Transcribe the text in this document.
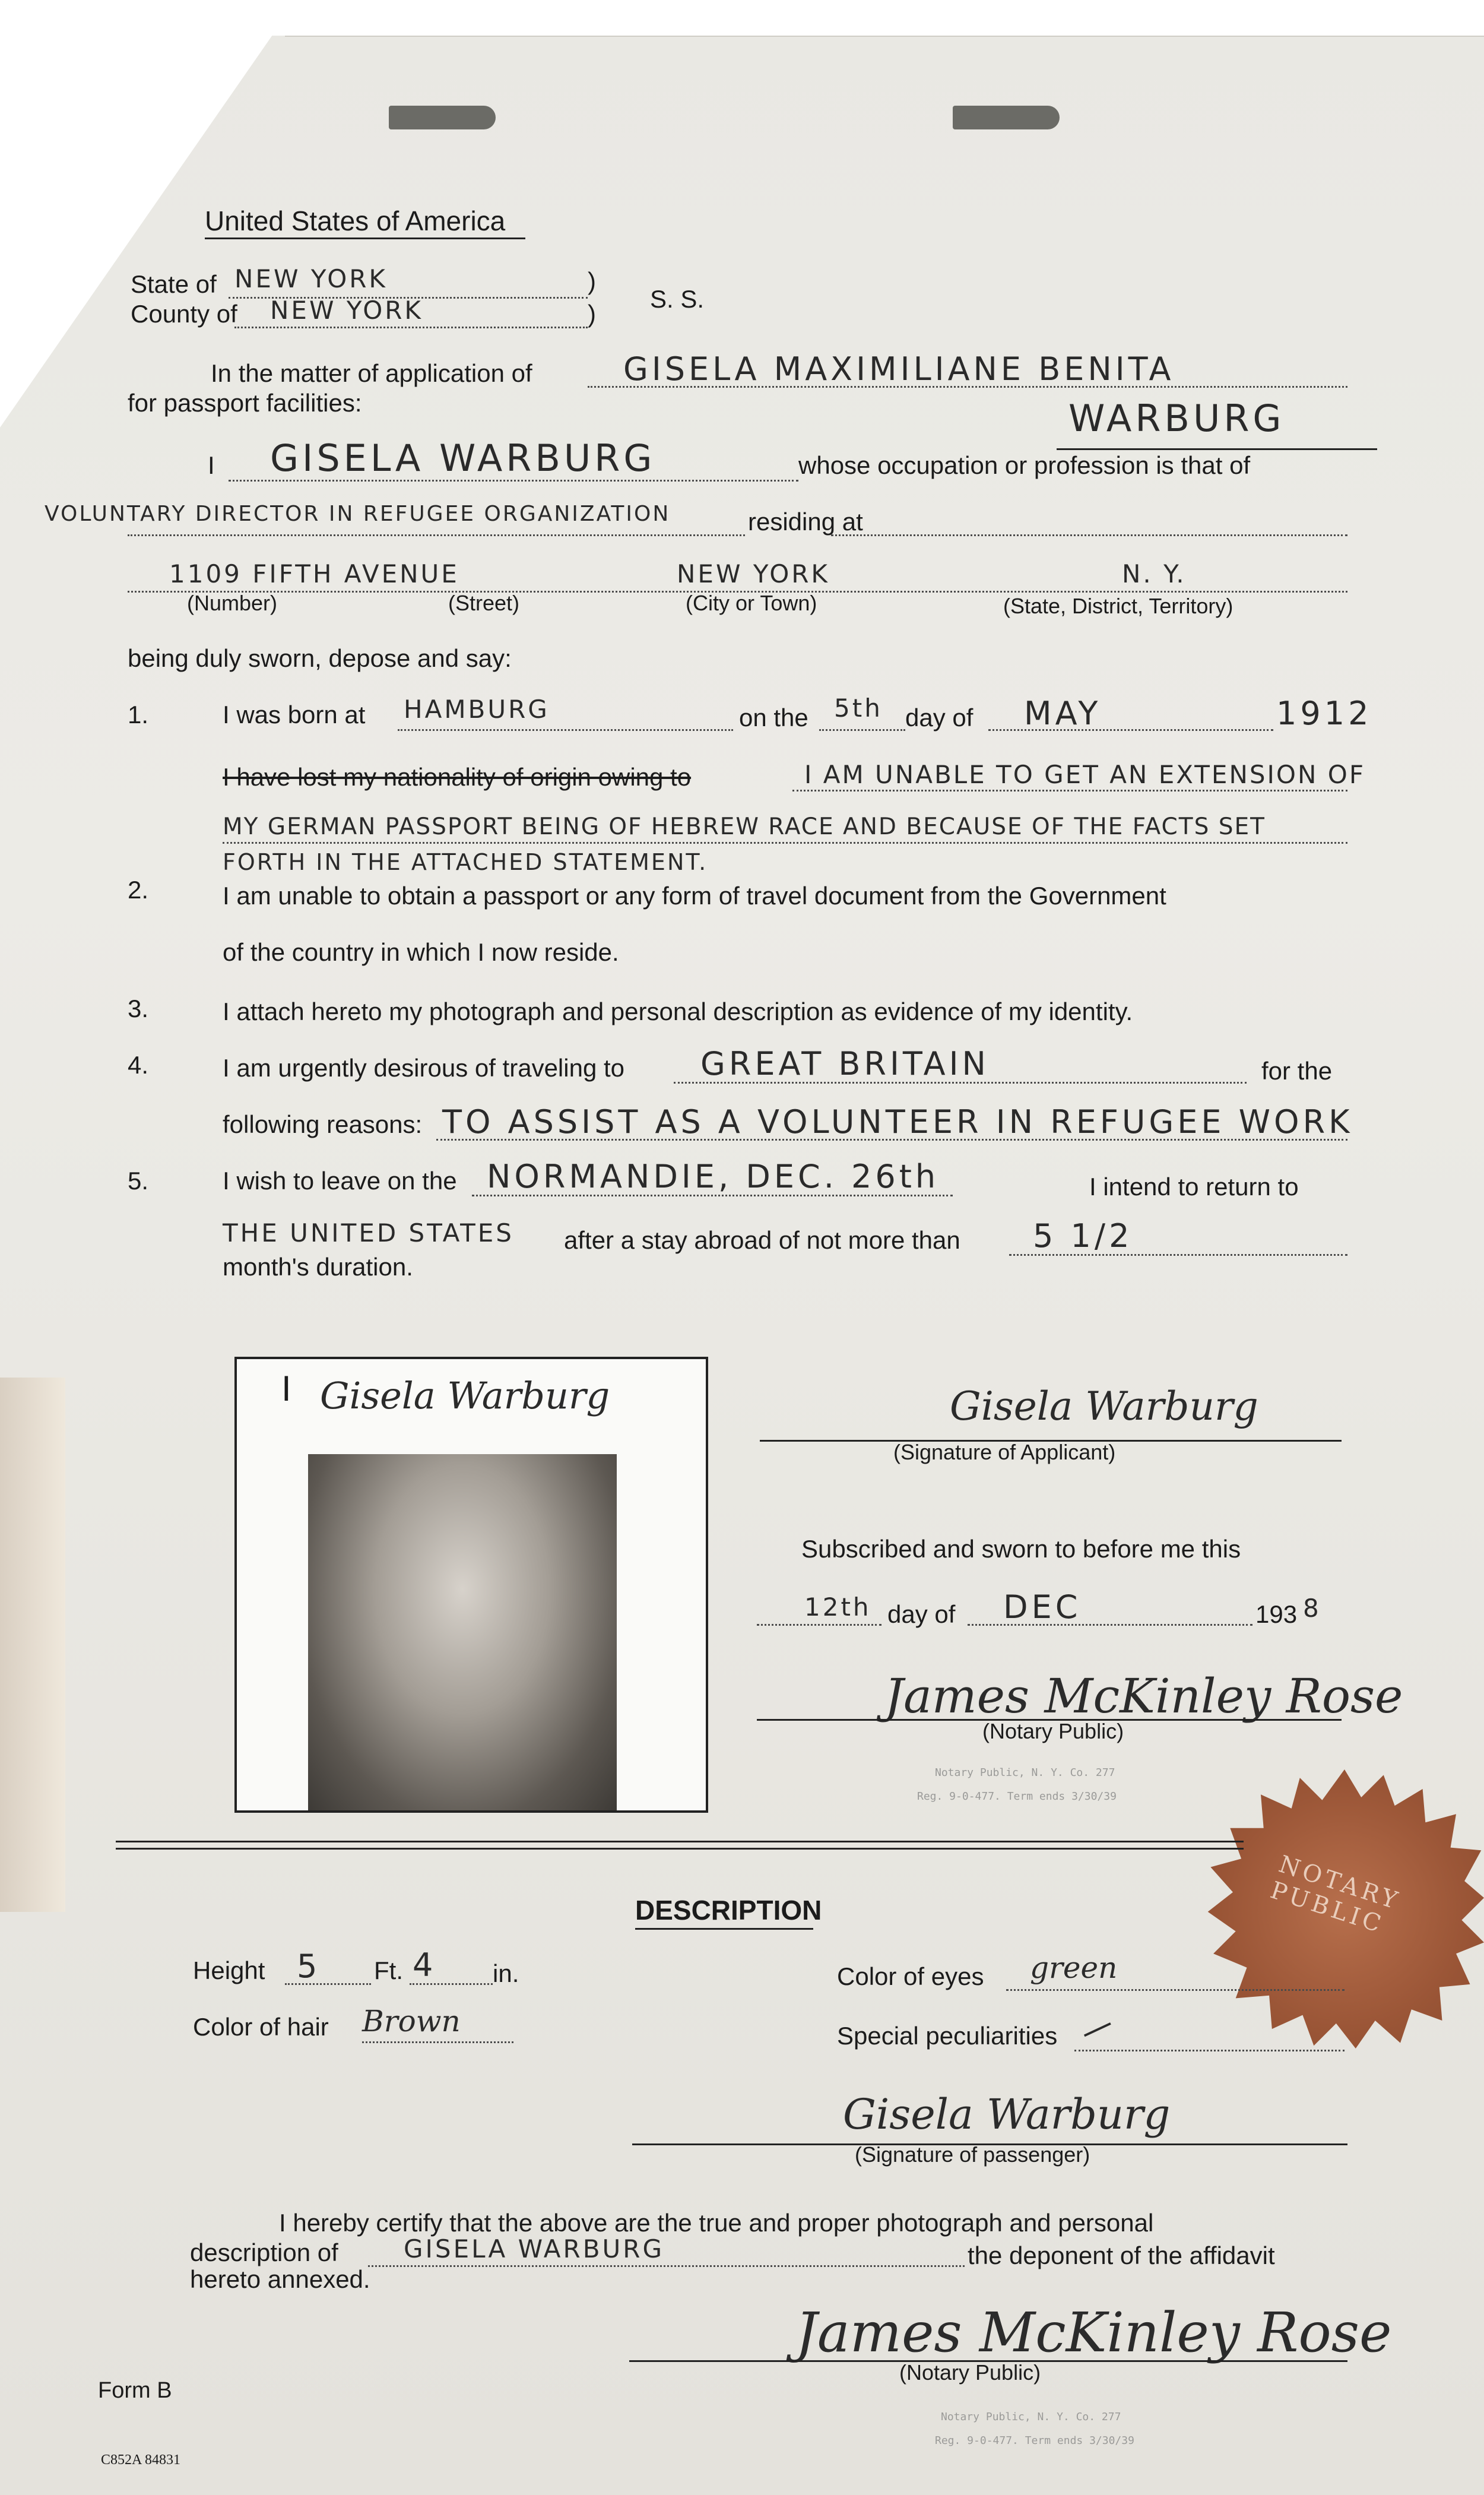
United States of America
State of NEW YORK	)
County of NEW YORK	)
S. S.
In the matter of application of	GISELA MAXIMILIANE BENITA
for passport facilities:	WARBURG
I GISELA WARBURG	whose occupation or profession is that of
VOLUNTARY DIRECTOR IN REFUGEE ORGANIZATION	residing at
1109 FIFTH AVENUE	NEW YORK	N. Y.
(Number)	(Street)	(City or Town)	(State, District, Territory)
being duly sworn, depose and say:
1.	I was born at HAMBURG	on the 5th day of MAY	1912
I have lost my nationality of origin owing to	I AM UNABLE TO GET AN EXTENSION OF
MY GERMAN PASSPORT BEING OF HEBREW RACE AND BECAUSE OF THE FACTS SET
FORTH IN THE ATTACHED STATEMENT.
2.	I am unable to obtain a passport or any form of travel document from the Government
of the country in which I now reside.
3.	I attach hereto my photograph and personal description as evidence of my identity.
4.	I am urgently desirous of traveling to GREAT BRITAIN	for the
following reasons: TO ASSIST AS A VOLUNTEER IN REFUGEE WORK
5.	I wish to leave on the NORMANDIE, DEC. 26th	I intend to return to
THE UNITED STATES after a stay abroad of not more than 5 1/2
month's duration.
Gisela Warburg
I	Gisela Warburg
(Signature of Applicant)
Subscribed and sworn to before me this
12th day of DEC	193 8
James McKinley Rose
(Notary Public)
Notary Public, N. Y. Co. 277
Reg. 9-0-477. Term ends 3/30/39
NOTARY PUBLIC
DESCRIPTION
Height 5 Ft. 4 in.	Color of eyes green
Color of hair Brown	Special peculiarities —
Gisela Warburg
(Signature of passenger)
I hereby certify that the above are the true and proper photograph and personal
description of	GISELA WARBURG	the deponent of the affidavit
hereto annexed.
James McKinley Rose
(Notary Public)
Notary Public, N. Y. Co. 277
Reg. 9-0-477. Term ends 3/30/39
Form B
C852A 84831
